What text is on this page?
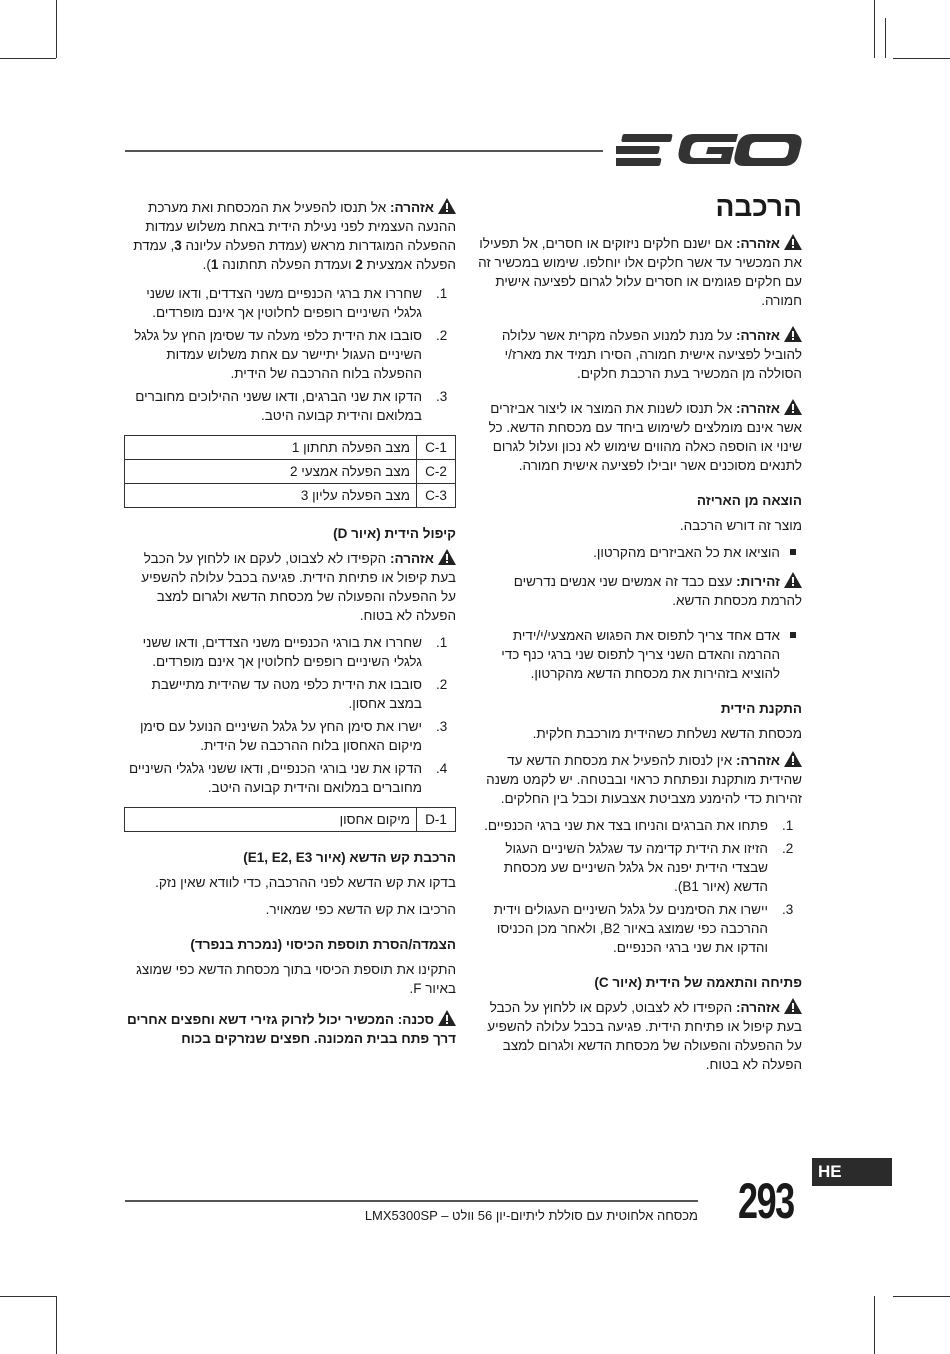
הרכבה
אזהרה: אם ישנם חלקים ניזוקים או חסרים, אל תפעילו את המכשיר עד אשר חלקים אלו יוחלפו. שימוש במכשיר זה עם חלקים פגומים או חסרים עלול לגרום לפציעה אישית חמורה.
אזהרה: על מנת למנוע הפעלה מקרית אשר עלולה להוביל לפציעה אישית חמורה, הסירו תמיד את מארז/י הסוללה מן המכשיר בעת הרכבת חלקים.
אזהרה: אל תנסו לשנות את המוצר או ליצור אביזרים אשר אינם מומלצים לשימוש ביחד עם מכסחת הדשא. כל שינוי או הוספה כאלה מהווים שימוש לא נכון ועלול לגרום לתנאים מסוכנים אשר יובילו לפציעה אישית חמורה.
הוצאה מן האריזה

מוצר זה דורש הרכבה.

הוציאו את כל האביזרים מהקרטון.
זהירות: עצם כבד זה אמשים שני אנשים נדרשים להרמת מכסחת הדשא.
אדם אחד צריך לתפוס את הפגוש האמצעי/י/ידית ההרמה והאדם השני צריך לתפוס שני ברגי כנף כדי להוציא בזהירות את מכסחת הדשא מהקרטון.
התקנת הידית

מכסחת הדשא נשלחת כשהידית מורכבת חלקית.

אזהרה: אין לנסות להפעיל את מכסחת הדשא עד שהידית מותקנת ונפתחת כראוי ובבטחה. יש לקמט משנה זהירות כדי להימנע מצביטת אצבעות וכבל בין החלקים.
1.
פתחו את הברגים והניחו בצד את שני ברגי הכנפיים.
2.
הזיזו את הידית קדימה עד שגלגל השיניים העגול שבצדי הידית יפנה אל גלגל השיניים שע מכסחת הדשא (איור B1).
3.
יישרו את הסימנים על גלגל השיניים העגולים וידית ההרכבה כפי שמוצג באיור B2, ולאחר מכן הכניסו והדקו את שני ברגי הכנפיים.
פתיחה והתאמה של הידית (איור C)
אזהרה: הקפידו לא לצבוט, לעקם או ללחוץ על הכבל בעת קיפול או פתיחת הידית. פגיעה בכבל עלולה להשפיע על ההפעלה והפעולה של מכסחת הדשא ולגרום למצב הפעלה לא בטוח.
אזהרה: אל תנסו להפעיל את המכסחת ואת מערכת ההנעה העצמית לפני נעילת הידית באחת משלוש עמדות ההפעלה המוגדרות מראש (עמדת הפעלה עליונה 3, עמדת הפעלה אמצעית 2 ועמדת הפעלה תחתונה 1).
1.
שחררו את ברגי הכנפיים משני הצדדים, ודאו ששני גלגלי השיניים רופפים לחלוטין אך אינם מופרדים.
2.
סובבו את הידית כלפי מעלה עד שסימן החץ על גלגל השיניים העגול יתיישר עם אחת משלוש עמדות ההפעלה בלוח ההרכבה של הידית.
3.
הדקו את שני הברגים, ודאו ששני ההילוכים מחוברים במלואם והידית קבועה היטב.
C-1	מצב הפעלה תחתון 1
C-2	מצב הפעלה אמצעי 2
C-3	מצב הפעלה עליון 3
קיפול הידית (איור D)
אזהרה: הקפידו לא לצבוט, לעקם או ללחוץ על הכבל בעת קיפול או פתיחת הידית. פגיעה בכבל עלולה להשפיע על ההפעלה והפעולה של מכסחת הדשא ולגרום למצב הפעלה לא בטוח.
1.
שחררו את בורגי הכנפיים משני הצדדים, ודאו ששני גלגלי השיניים רופפים לחלוטין אך אינם מופרדים.
2.
סובבו את הידית כלפי מטה עד שהידית מתיישבת במצב אחסון.
3.
ישרו את סימן החץ על גלגל השיניים הנועל עם סימן מיקום האחסון בלוח ההרכבה של הידית.
4.
הדקו את שני בורגי הכנפיים, ודאו ששני גלגלי השיניים מחוברים במלואם והידית קבועה היטב.
D-1	מיקום אחסון
הרכבת קש הדשא (איור E1, E2, E3)

בדקו את קש הדשא לפני ההרכבה, כדי לוודא שאין נזק.

הרכיבו את קש הדשא כפי שמאויר.

הצמדה/הסרת תוספת הכיסוי (נמכרת בנפרד)

התקינו את תוספת הכיסוי בתוך מכסחת הדשא כפי שמוצג באיור F.

סכנה: המכשיר יכול לזרוק גזירי דשא וחפצים אחרים דרך פתח בבית המכונה. חפצים שנזרקים בכוח
HE
293
LMX5300SP – מכסחה אלחוטית עם סוללת ליתיום-יון 56 וולט
